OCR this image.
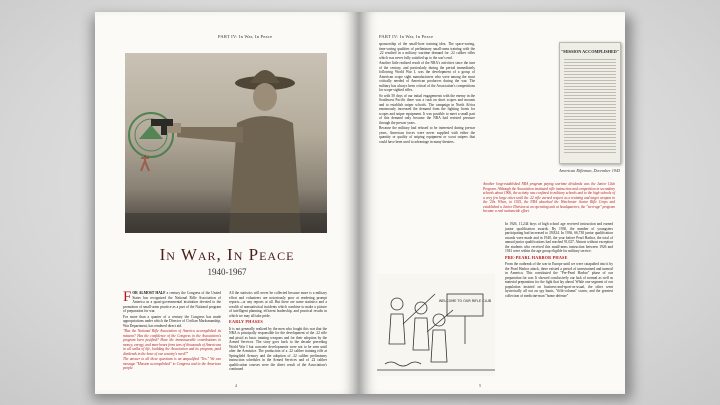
PART IV: In War, In Peace
In War, In Peace
1940-1967

FOR ALMOST HALF a century the Congress of the United States has recognized the National Rifle Association of America as a quasi-governmental institution devoted to the promotion of small-arms practice as a part of the National program of preparation for war.

For more than a quarter of a century the Congress has made appropriations under which the Director of Civilian Marksmanship, War Department, has rendered direct aid.

"Has the National Rifle Association of America accomplished its mission? Has the confidence of the Congress in the Association's program been justified? Have the immeasurable contributions in money, energy, and man-hours from tens of thousands of Americans in all walks of life, building the Association and its program, paid dividends in the hour of our country's need?"

The answer to all these questions is an unqualified "Yes." We can message "Mission accomplished" to Congress and to the American people.

All the statistics will never be collected because more is a military effort and volunteers are notoriously poor at rendering prompt reports—or any reports at all. But there are some statistics and a wealth of nonstatistical incidents which combine to make a picture of intelligent planning, efficient leadership, and practical results in which we may all take pride.

EARLY PHASES

It is not generally realized by the men who fought this war that the NRA is principally responsible for the development of the .22 rifle and pistol as basic training weapons and for their adoption by the Armed Services. The story goes back to the decade preceding World War I but concrete developments were not to be seen until after the Armistice. The production of a .22 caliber training rifle at Springfield Armory and the adoption of .22 caliber preliminary instruction schedules in the Armed Services and of .22 caliber qualification courses were the direct result of the Association's continued

4
PART IV: In War, In Peace

sponsorship of the small-bore training idea. The space-saving, time-saving qualities of preliminary small-arms training with the .22 resulted in a military wartime demand for .22 caliber rifles which was never fully satisfied up to the war's end.

Another little realized result of the NRA's activities since the turn of the century, and particularly during the period immediately following World War I, was the development of a group of American scope sight manufacturers who were among the most critically needed of American producers during the war. The military has always been critical of the Association's competitions for scope-sighted rifles.

So with 50 days of our initial engagements with the enemy in the Southwest Pacific there was a rush on short scopes and mounts and to establish sniper schools. The campaign in North Africa enormously increased the demand from the fighting fronts for scopes and sniper equipment. It was possible to meet a small part of this demand only because the NRA had resisted pressure through the prewar years.

Because the military had refused to be interested during prewar years, American forces were never supplied with either the quantity or quality of sniping equipment or scout snipers that could have been used to advantage in many theaters.

"MISSION ACCOMPLISHED"
American Rifleman, December 1945
Another long-established NRA program paying wartime dividends was the Junior Club Program. Although the Association instituted rifle instruction and competition in secondary schools about 1906, the activity was confined to military schools and to the high schools of a very few large cities until the .22 rifle earned respect as a training and target weapon in the '20s. When, in 1925, the NRA absorbed the Winchester Junior Rifle Corps and established a Junior Division at an operating unit at headquarters, the "teen-age" program became a real nationwide effort.

In 1926, 11,244 boys of high school age received instruction and earned junior qualification awards. By 1930, the number of youngsters participating had increased to 29,824. In 1936, 66,738 junior qualification awards were made and in 1940, the year before Pearl Harbor, the total of annual junior qualifications had reached 91,027. Almost without exception the students who received this small-arms instruction between 1926 and 1941 were within the age group eligible for military service.

PRE-PEARL HARBOR PHASE

From the outbreak of the war in Europe until we were catapulted into it by the Pearl Harbor attack, there existed a period of unrestrained and turmoil in America. This constituted the "Pre-Pearl Harbor" phase of our preparation for war. It showed conclusively our lack of normal as well as material preparation for the fight that lay ahead. While one segment of our population insisted on business-and-sport-as-usual, the other went hysterically all out on spy hunts, "fifth-column" scares, and the greatest collection of medicine-man "home defense"

WELCOME TO OUR RIFLE CLUB
5
